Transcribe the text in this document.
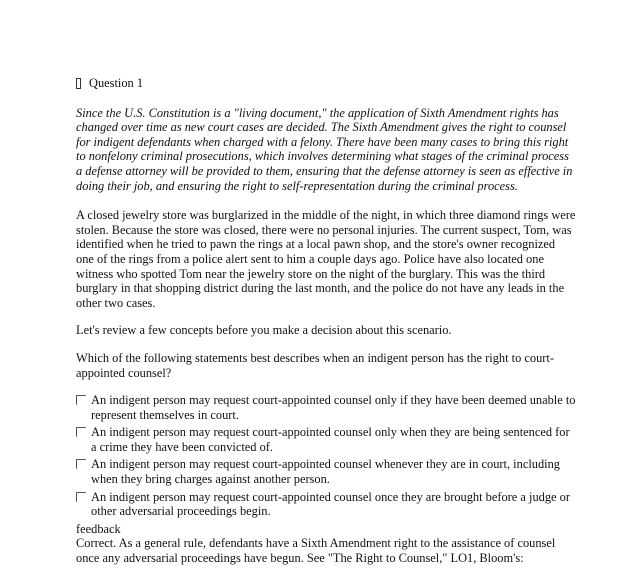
Question 1

Since the U.S. Constitution is a "living document," the application of Sixth Amendment rights has changed over time as new court cases are decided. The Sixth Amendment gives the right to counsel for indigent defendants when charged with a felony. There have been many cases to bring this right to nonfelony criminal prosecutions, which involves determining what stages of the criminal process a defense attorney will be provided to them, ensuring that the defense attorney is seen as effective in doing their job, and ensuring the right to self-representation during the criminal process.

A closed jewelry store was burglarized in the middle of the night, in which three diamond rings were stolen. Because the store was closed, there were no personal injuries. The current suspect, Tom, was identified when he tried to pawn the rings at a local pawn shop, and the store's owner recognized one of the rings from a police alert sent to him a couple days ago. Police have also located one witness who spotted Tom near the jewelry store on the night of the burglary. This was the third burglary in that shopping district during the last month, and the police do not have any leads in the other two cases.

Let's review a few concepts before you make a decision about this scenario.

Which of the following statements best describes when an indigent person has the right to court-appointed counsel?

An indigent person may request court-appointed counsel only if they have been deemed unable to represent themselves in court.
An indigent person may request court-appointed counsel only when they are being sentenced for a crime they have been convicted of.
An indigent person may request court-appointed counsel whenever they are in court, including when they bring charges against another person.
An indigent person may request court-appointed counsel once they are brought before a judge or other adversarial proceedings begin.

feedback

Correct. As a general rule, defendants have a Sixth Amendment right to the assistance of counsel once any adversarial proceedings have begun. See "The Right to Counsel," LO1, Bloom's:
